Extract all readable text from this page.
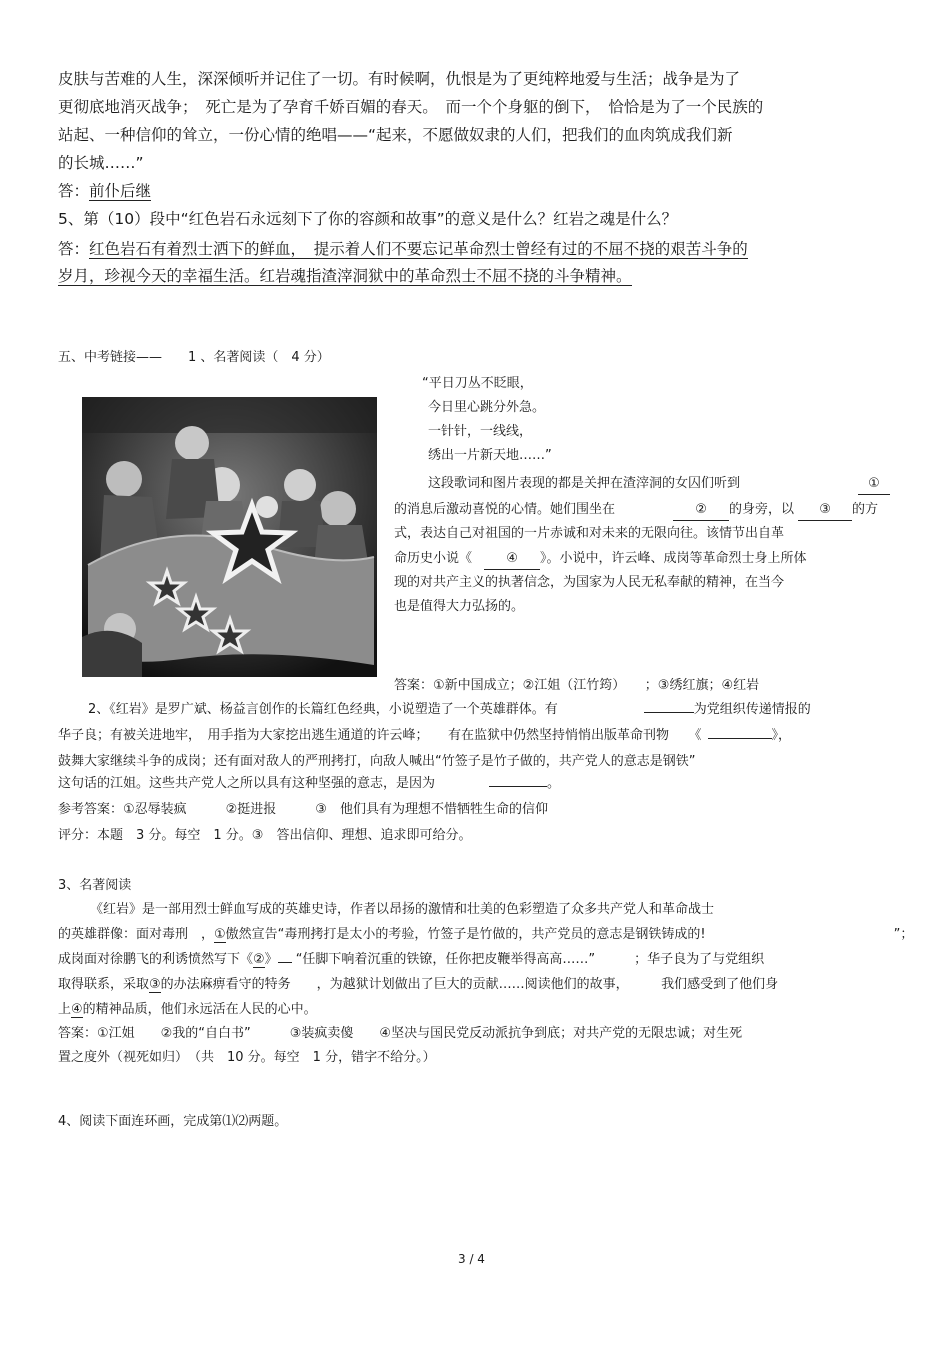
皮肤与苦难的人生，深深倾听并记住了一切。有时候啊，仇恨是为了更纯粹地爱与生活；战争是为了
更彻底地消灭战争；　死亡是为了孕育千娇百媚的春天。　而一个个身躯的倒下，　恰恰是为了一个民族的
站起、一种信仰的耸立，一份心情的绝唱——“起来，不愿做奴隶的人们，把我们的血肉筑成我们新
的长城……”
答：前仆后继
5、第（10）段中“红色岩石永远刻下了你的容颜和故事”的意义是什么？红岩之魂是什么？
答：红色岩石有着烈士洒下的鲜血，　提示着人们不要忘记革命烈士曾经有过的不屈不挠的艰苦斗争的
岁月，珍视今天的幸福生活。红岩魂指渣滓洞狱中的革命烈士不屈不挠的斗争精神。
五、中考链接——　　1 、名著阅读（　4 分）
“平日刀丛不眨眼，
今日里心跳分外急。
一针针，一线线，
绣出一片新天地……”
这段歌词和图片表现的都是关押在渣滓洞的女囚们听到	①
的消息后激动喜悦的心情。她们围坐在	② 的身旁，以 ③ 的方
式，表达自己对祖国的一片赤诚和对未来的无限向往。该情节出自革
命历史小说《	④ 》。小说中，许云峰、成岗等革命烈士身上所体
现的对共产主义的执著信念，为国家为人民无私奉献的精神，在当今
也是值得大力弘扬的。
答案：①新中国成立；②江姐（江竹筠）　　；③绣红旗；④红岩
2、《红岩》是罗广斌、杨益言创作的长篇红色经典，小说塑造了一个英雄群体。有	为党组织传递情报的
华子良；有被关进地牢，　用手指为大家挖出逃生通道的许云峰；　　有在监狱中仍然坚持悄悄出版革命刊物　　《	》，
鼓舞大家继续斗争的成岗；还有面对敌人的严刑拷打，向敌人喊出“竹签子是竹子做的，共产党人的意志是钢铁”
这句话的江姐。这些共产党人之所以具有这种坚强的意志，是因为	。
参考答案：①忍辱装疯　　　②挺进报　　　③　他们具有为理想不惜牺牲生命的信仰
评分：本题　3 分。每空　1 分。③　答出信仰、理想、追求即可给分。
3、名著阅读
《红岩》是一部用烈士鲜血写成的英雄史诗，作者以昂扬的激情和壮美的色彩塑造了众多共产党人和革命战士
的英雄群像：面对毒刑　，①傲然宣告“毒刑拷打是太小的考验，竹签子是竹做的，共产党员的意志是钢铁铸成的!	”；
成岗面对徐鹏飞的利诱愤然写下《②》 “任脚下响着沉重的铁镣，任你把皮鞭举得高高……”　　　；华子良为了与党组织
取得联系，采取③的办法麻痹看守的特务　　，为越狱计划做出了巨大的贡献……阅读他们的故事，　　　我们感受到了他们身
上④的精神品质，他们永远活在人民的心中。
答案：①江姐　　②我的“自白书”　　　③装疯卖傻　　④坚决与国民党反动派抗争到底；对共产党的无限忠诚；对生死
置之度外（视死如归）　（共　10 分。每空　1 分，错字不给分。）
4、阅读下面连环画，完成第⑴⑵两题。
3 / 4
